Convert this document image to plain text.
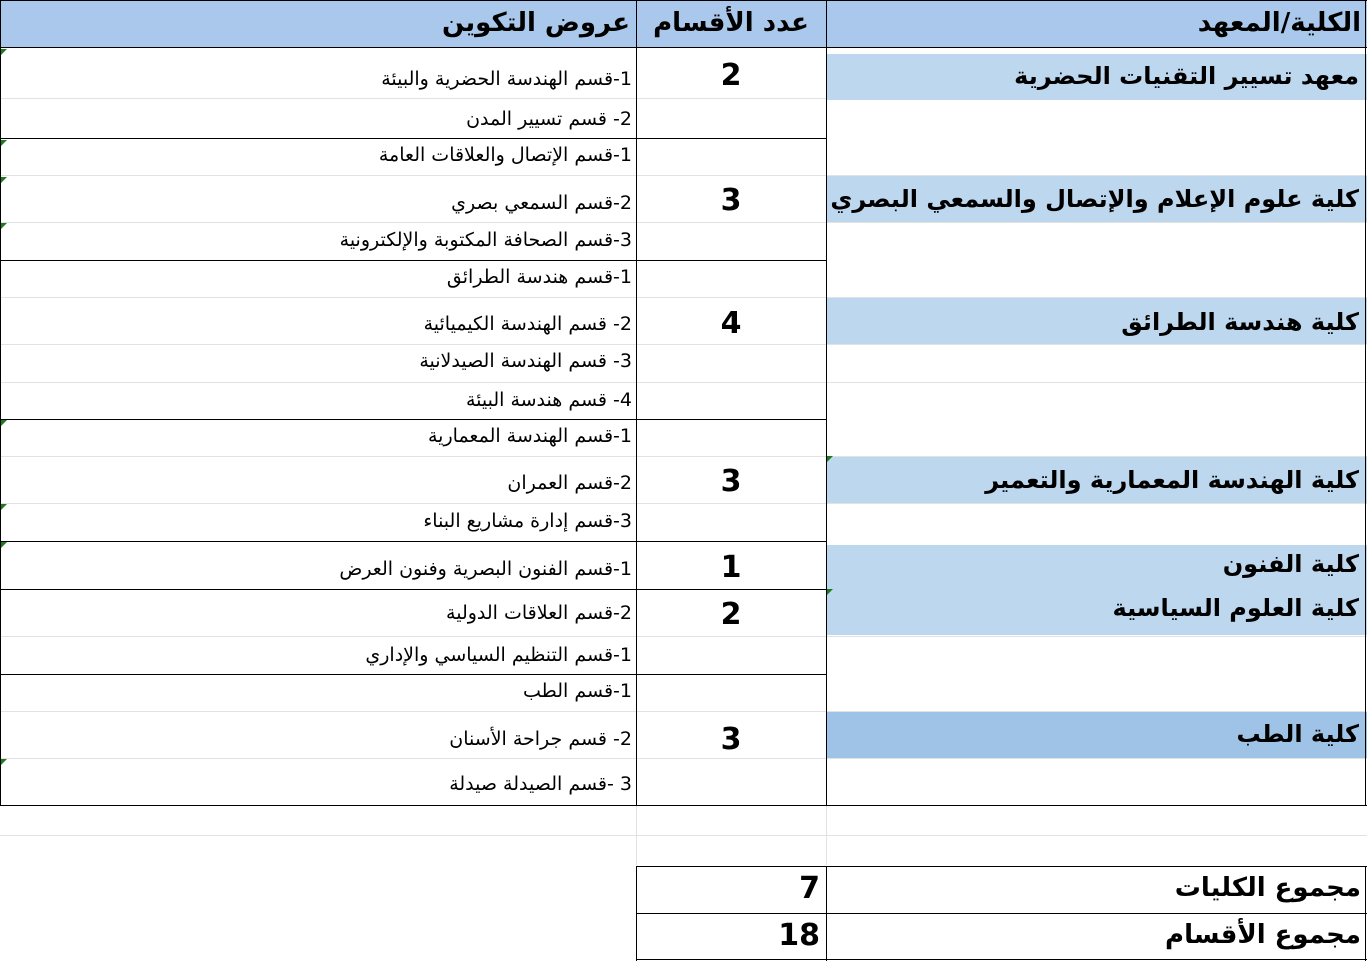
الكلية/المعهد
عدد الأقسام
عروض التكوين
معهد تسيير التقنيات الحضرية
كلية علوم الإعلام والإتصال والسمعي البصري
كلية هندسة الطرائق
كلية الهندسة المعمارية والتعمير
كلية الفنون
كلية العلوم السياسية
كلية الطب
2
3
4
3
1
2
3
1-قسم الهندسة الحضرية والبيئة
2- قسم تسيير المدن
1-قسم الإتصال والعلاقات العامة
2-قسم السمعي بصري
3-قسم الصحافة المكتوبة والإلكترونية
1-قسم هندسة الطرائق
2- قسم الهندسة الكيميائية
3- قسم الهندسة الصيدلانية
4- قسم هندسة البيئة
1-قسم الهندسة المعمارية
2-قسم العمران
3-قسم إدارة مشاريع البناء
1-قسم الفنون البصرية وفنون العرض
2-قسم العلاقات الدولية
1-قسم التنظيم السياسي والإداري
1-قسم الطب
2- قسم جراحة الأسنان
3 -قسم الصيدلة صيدلة
مجموع الكليات
7
مجموع الأقسام
18
